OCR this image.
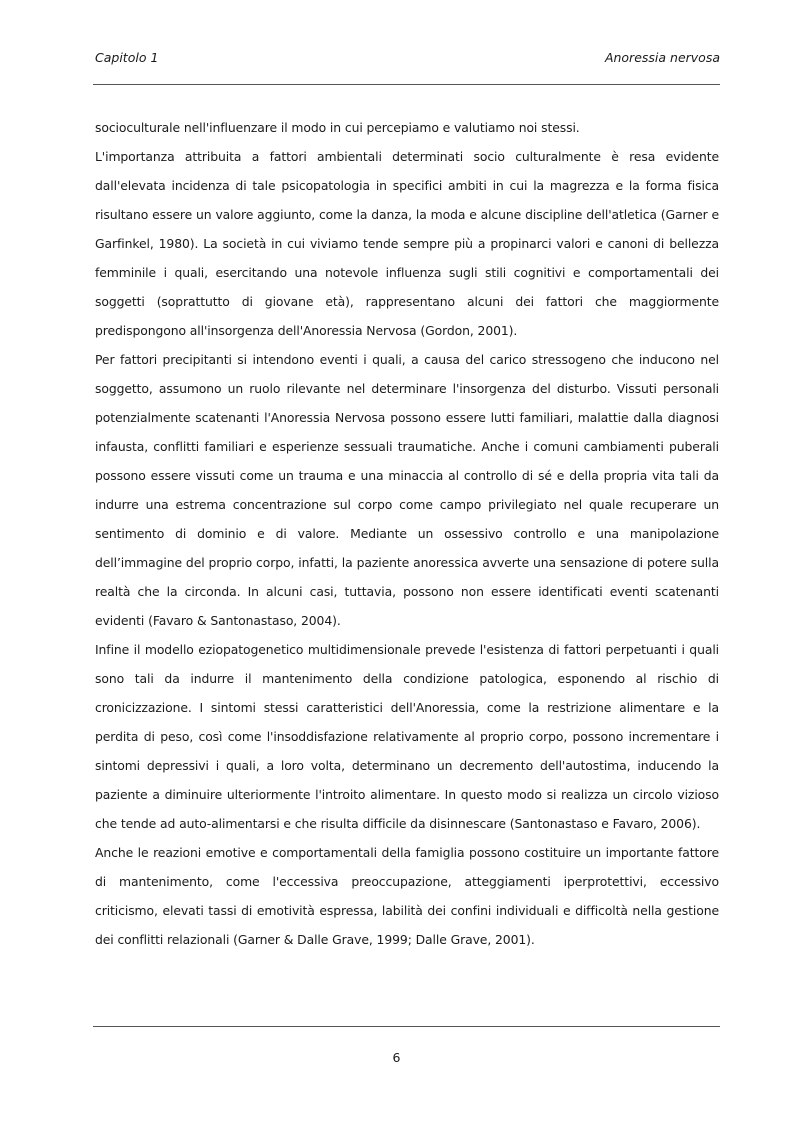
Capitolo 1	Anoressia nervosa

socioculturale nell'influenzare il modo in cui percepiamo e valutiamo noi stessi.

L'importanza attribuita a fattori ambientali determinati socio culturalmente è resa evidente dall'elevata incidenza di tale psicopatologia in specifici ambiti in cui la magrezza e la forma fisica risultano essere un valore aggiunto, come la danza, la moda e alcune discipline dell'atletica (Garner e Garfinkel, 1980). La società in cui viviamo tende sempre più a propinarci valori e canoni di bellezza femminile i quali, esercitando una notevole influenza sugli stili cognitivi e comportamentali dei soggetti (soprattutto di giovane età), rappresentano alcuni dei fattori che maggiormente predispongono all'insorgenza dell'Anoressia Nervosa (Gordon, 2001).

Per fattori precipitanti si intendono eventi i quali, a causa del carico stressogeno che inducono nel soggetto, assumono un ruolo rilevante nel determinare l'insorgenza del disturbo. Vissuti personali potenzialmente scatenanti l'Anoressia Nervosa possono essere lutti familiari, malattie dalla diagnosi infausta, conflitti familiari e esperienze sessuali traumatiche. Anche i comuni cambiamenti puberali possono essere vissuti come un trauma e una minaccia al controllo di sé e della propria vita tali da indurre una estrema concentrazione sul corpo come campo privilegiato nel quale recuperare un sentimento di dominio e di valore. Mediante un ossessivo controllo e una manipolazione dell’immagine del proprio corpo, infatti, la paziente anoressica avverte una sensazione di potere sulla realtà che la circonda. In alcuni casi, tuttavia, possono non essere identificati eventi scatenanti evidenti (Favaro & Santonastaso, 2004).

Infine il modello eziopatogenetico multidimensionale prevede l'esistenza di fattori perpetuanti i quali sono tali da indurre il mantenimento della condizione patologica, esponendo al rischio di cronicizzazione. I sintomi stessi caratteristici dell'Anoressia, come la restrizione alimentare e la perdita di peso, così come l'insoddisfazione relativamente al proprio corpo, possono incrementare i sintomi depressivi i quali, a loro volta, determinano un decremento dell'autostima, inducendo la paziente a diminuire ulteriormente l'introito alimentare. In questo modo si realizza un circolo vizioso che tende ad auto-alimentarsi e che risulta difficile da disinnescare (Santonastaso e Favaro, 2006).

Anche le reazioni emotive e comportamentali della famiglia possono costituire un importante fattore di mantenimento, come l'eccessiva preoccupazione, atteggiamenti iperprotettivi, eccessivo criticismo, elevati tassi di emotività espressa, labilità dei confini individuali e difficoltà nella gestione dei conflitti relazionali (Garner & Dalle Grave, 1999; Dalle Grave, 2001).

6
